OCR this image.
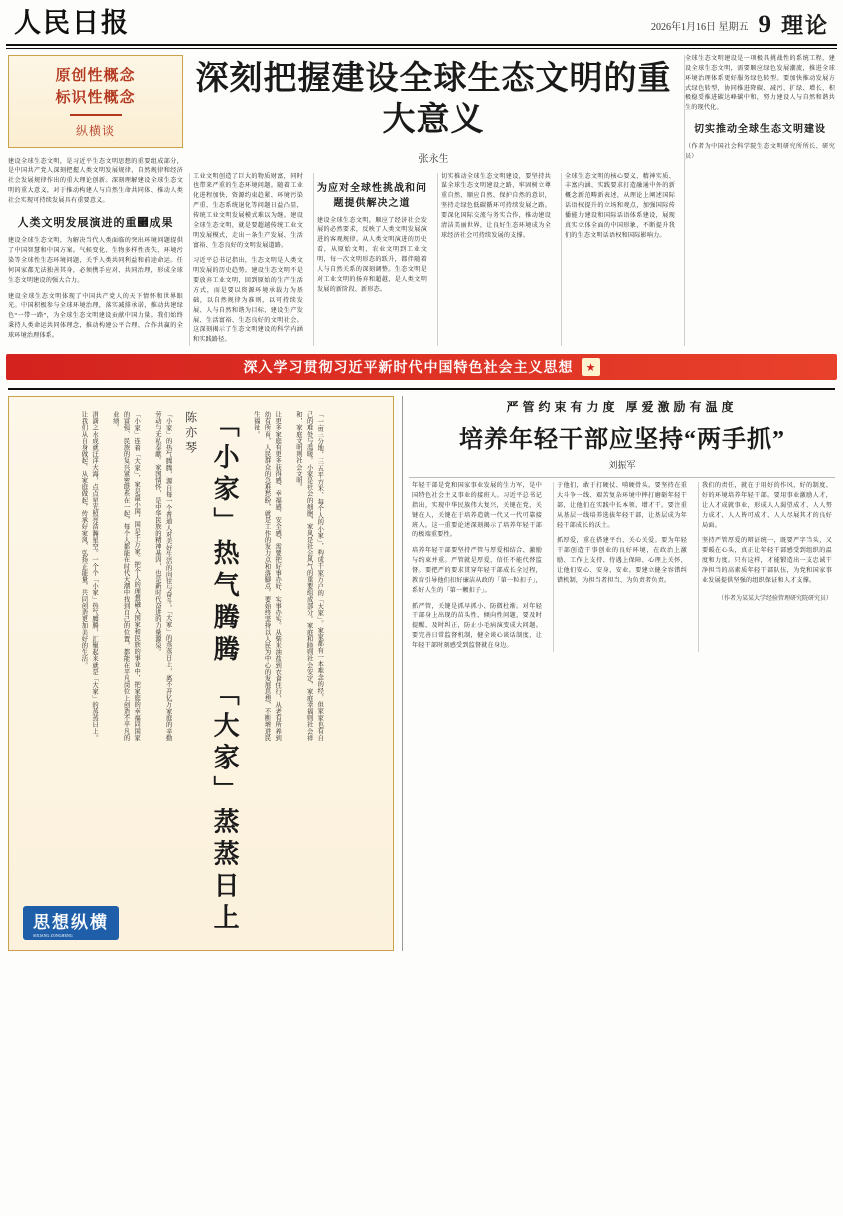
人民日报	2026年1月16日 星期五 9 理论
原创性概念
标识性概念
纵横谈
建设全球生态文明，是习近平生态文明思想的重要组成部分，是中国共产党人深刻把握人类文明发展规律、自然规律和经济社会发展规律作出的重大理论创新。深刻理解建设全球生态文明的重大意义，对于推动构建人与自然生命共同体、推动人类社会实现可持续发展具有重要意义。
人类文明发展演进的重཮成果
建设全球生态文明，为解决当代人类面临的突出环境问题提供了中国智慧和中国方案。气候变化、生物多样性丧失、环境污染等全球性生态环境问题，关乎人类共同利益和前途命运。任何国家都无法独善其身，必须携手应对、共同治理，形成全球生态文明建设的强大合力。
建设全球生态文明体现了中国共产党人的天下情怀和世界眼光。中国积极参与全球环境治理，落实减排承诺，推动共建绿色“一带一路”，为全球生态文明建设贡献中国力量。我们始终秉持人类命运共同体理念，推动构建公平合理、合作共赢的全球环境治理体系。
深刻把握建设全球生态文明的重大意义
张永生
工业文明创造了巨大的物质财富，同时也带来严重的生态环境问题。随着工业化进程加快，资源约束趋紧、环境污染严重、生态系统退化等问题日益凸显，传统工业文明发展模式难以为继。建设全球生态文明，就是要超越传统工业文明发展模式，走出一条生产发展、生活富裕、生态良好的文明发展道路。
习近平总书记指出，生态文明是人类文明发展的历史趋势。建设生态文明不是要放弃工业文明，回到原始的生产生活方式，而是要以资源环境承载力为基础，以自然规律为准则，以可持续发展、人与自然和谐为目标，建设生产发展、生活富裕、生态良好的文明社会。这深刻揭示了生态文明建设的科学内涵和实践路径。
为应对全球性挑战和问题提供解决之道
建设全球生态文明，顺应了经济社会发展的必然要求，反映了人类文明发展演进的客观规律。从人类文明演进的历史看，从原始文明、农业文明到工业文明，每一次文明形态的跃升，都伴随着人与自然关系的深刻调整。生态文明是对工业文明的扬弃和超越，是人类文明发展的新阶段、新形态。
切实推动全球生态文明建设，要坚持共谋全球生态文明建设之路，牢固树立尊重自然、顺应自然、保护自然的意识，坚持走绿色低碳循环可持续发展之路。要深化国际交流与务实合作，推动建设清洁美丽世界，让良好生态环境成为全球经济社会可持续发展的支撑。
全球生态文明的核心要义、精神实质、丰富内涵、实践要求打造融通中外的新概念新范畴新表述，从理论上阐述国际话语权提升的立场和观点，加强国际传播能力建设和国际话语体系建设，展现真实立体全面的中国形象，不断提升我们的生态文明话语权和国际影响力。
全球生态文明建设是一项极具挑战性的系统工程，建设全球生态文明，需要顺应绿色发展潮流，推进全球环境治理体系更好服务绿色转型。要加快推动发展方式绿色转型，协同推进降碳、减污、扩绿、增长，积极稳妥推进碳达峰碳中和，努力建设人与自然和谐共生的现代化。
切实推动全球生态文明建设
（作者为中国社会科学院生态文明研究所所长、研究员）
深入学习贯彻习近平新时代中国特色社会主义思想	★
涓滴之水成就汪洋大海，点点星光照亮浩瀚星空。一个个「小家」热气腾腾，汇聚起来就是「大家」的蒸蒸日上。让我们从自身做起、从家庭做起，传承好家风、弘扬正能量，共同创造更加美好的生活。	「小家」连着「大家」，家是最小国，国是千万家。把个人的理想融入国家和民族的事业中，把家庭的幸福同国家的富强、民族的复兴紧密联系在一起，每个人都能在时代大潮中找到自己的位置，都能在平凡岗位上创造不平凡的业绩。	「小家」的热气腾腾，源自每一个普通人对美好生活的向往与奋斗。「大家」的蒸蒸日上，离不开亿万家庭的辛勤劳动与无私奉献。家国情怀，是中华民族的精神基因，也是新时代奋进的力量源泉。	陈亦琴 「小家」热气腾腾 「大家」蒸蒸日上	让更多家庭有更多获得感、幸福感、安全感，需要把好事办好、实事办实。从柴米油盐到衣食住行，从老有所养到幼有所育，人民群众的急难愁盼，就是工作的发力点和落脚点。要始终坚持以人民为中心的发展思想，不断增进民生福祉。	「一亩三分地、三五平方米、每个人的小家」，构成千家万户的「大家」。家家都有一本难念的经，但家家也有自己的难处与温暖。小家是社会的细胞，家风是社会风气的重要组成部分。家庭和睦则社会安定，家庭幸福则社会祥和，家庭文明则社会文明。
思想纵横
SIXIANG ZONGHENG
严管约束有力度 厚爱激励有温度
培养年轻干部应坚持“两手抓”
刘振军
年轻干部是党和国家事业发展的生力军，是中国特色社会主义事业的接班人。习近平总书记指出，实现中华民族伟大复兴，关键在党，关键在人，关键在于培养造就一代又一代可靠接班人。这一重要论述深刻揭示了培养年轻干部的极端重要性。
培养年轻干部要坚持严管与厚爱相结合、激励与约束并重。严管就是厚爱，信任不能代替监督。要把严的要求贯穿年轻干部成长全过程，教育引导他们扣好廉洁从政的「第一粒扣子」，系好人生的「第一颗扣子」。
抓严管，关键是抓早抓小、防微杜渐。对年轻干部身上出现的苗头性、倾向性问题，要及时提醒、及时纠正，防止小毛病演变成大问题。要完善日常监督机制，健全谈心谈话制度，让年轻干部时刻感受到监督就在身边。
于他们，敢于打硬仗、啃硬骨头。要坚持在重大斗争一线、艰苦复杂环境中摔打磨砺年轻干部，让他们在实践中长本领、增才干。要注重从基层一线培养选拔年轻干部，让基层成为年轻干部成长的沃土。
抓厚爱，重在搭建平台、关心关爱。要为年轻干部创造干事创业的良好环境，在政治上激励、工作上支持、待遇上保障、心理上关怀，让他们安心、安身、安业。要建立健全容错纠错机制，为担当者担当、为负责者负责。
我们的责任，就在于用好的作风、好的制度、好的环境培养年轻干部。要用事业激励人才，让人才成就事业，形成人人渴望成才、人人努力成才、人人皆可成才、人人尽展其才的良好局面。
坚持严管厚爱的辩证统一，既要严字当头，又要暖在心头，真正让年轻干部感受到组织的温度和力度。只有这样，才能锻造出一支忠诚干净担当的高素质年轻干部队伍，为党和国家事业发展提供坚强的组织保证和人才支撑。
（作者为某某大学经验管理研究院研究员）
